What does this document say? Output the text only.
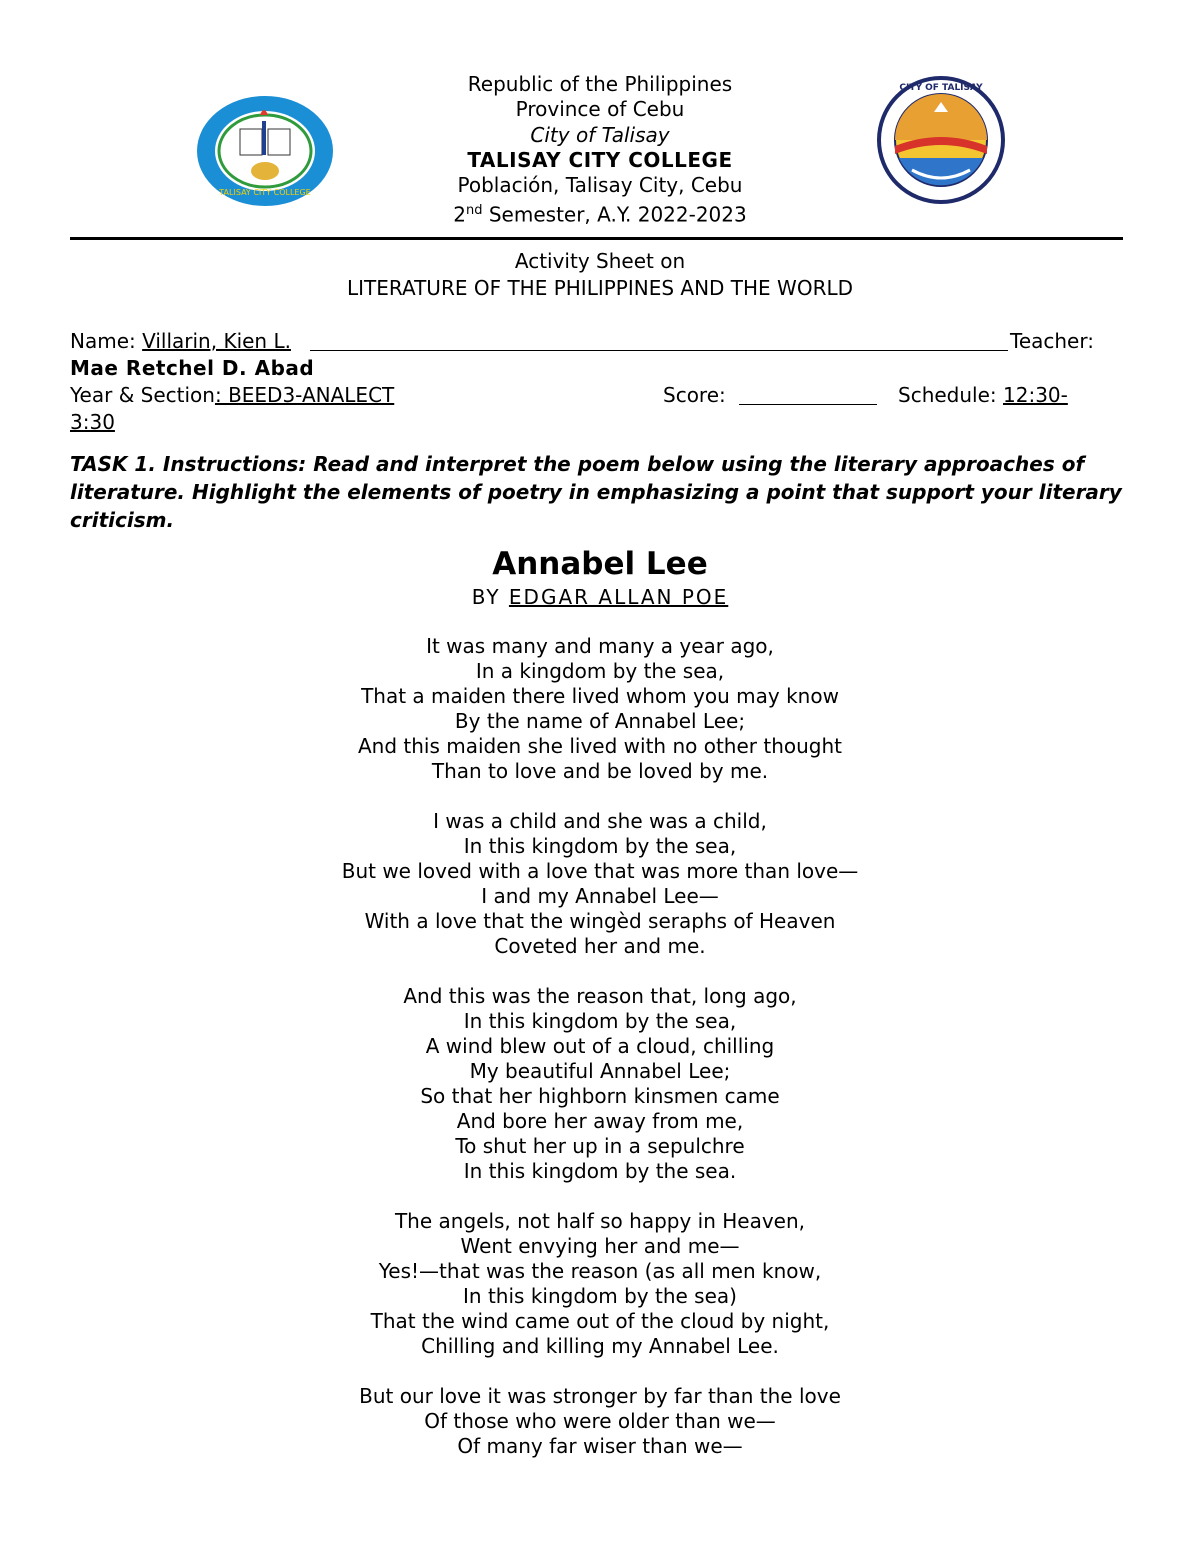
TALISAY CITY COLLEGE
CITY OF TALISAY
Republic of the Philippines
Province of Cebu
City of Talisay
TALISAY CITY COLLEGE
Población, Talisay City, Cebu
2nd Semester, A.Y. 2022-2023
Activity Sheet on
LITERATURE OF THE PHILIPPINES AND THE WORLD
Name: Villarin, Kien L.	Teacher:
Mae Retchel D. Abad
Year & Section: BEED3-ANALECT	Score:	Schedule: 12:30-
3:30
TASK 1. Instructions: Read and interpret the poem below using the literary approaches of literature. Highlight the elements of poetry in emphasizing a point that support your literary criticism.
Annabel Lee
BY EDGAR ALLAN POE
It was many and many a year ago,
In a kingdom by the sea,
That a maiden there lived whom you may know
By the name of Annabel Lee;
And this maiden she lived with no other thought
Than to love and be loved by me.
I was a child and she was a child,
In this kingdom by the sea,
But we loved with a love that was more than love—
I and my Annabel Lee—
With a love that the wingèd seraphs of Heaven
Coveted her and me.
And this was the reason that, long ago,
In this kingdom by the sea,
A wind blew out of a cloud, chilling
My beautiful Annabel Lee;
So that her highborn kinsmen came
And bore her away from me,
To shut her up in a sepulchre
In this kingdom by the sea.
The angels, not half so happy in Heaven,
Went envying her and me—
Yes!—that was the reason (as all men know,
In this kingdom by the sea)
That the wind came out of the cloud by night,
Chilling and killing my Annabel Lee.
But our love it was stronger by far than the love
Of those who were older than we—
Of many far wiser than we—
